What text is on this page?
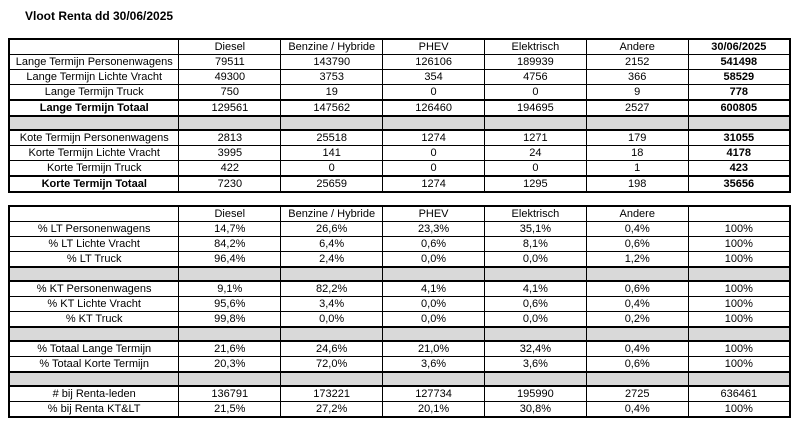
Vloot Renta dd 30/06/2025
	Diesel	Benzine / Hybride	PHEV	Elektrisch	Andere	30/06/2025
Lange Termijn Personenwagens	79511	143790	126106	189939	2152	541498
Lange Termijn Lichte Vracht	49300	3753	354	4756	366	58529
Lange Termijn Truck	750	19	0	0	9	778
Lange Termijn Totaal	129561	147562	126460	194695	2527	600805

Kote Termijn Personenwagens	2813	25518	1274	1271	179	31055
Korte Termijn Lichte Vracht	3995	141	0	24	18	4178
Korte Termijn Truck	422	0	0	0	1	423
Korte Termijn Totaal	7230	25659	1274	1295	198	35656
	Diesel	Benzine / Hybride	PHEV	Elektrisch	Andere	
% LT Personenwagens	14,7%	26,6%	23,3%	35,1%	0,4%	100%
% LT Lichte Vracht	84,2%	6,4%	0,6%	8,1%	0,6%	100%
% LT Truck	96,4%	2,4%	0,0%	0,0%	1,2%	100%

% KT Personenwagens	9,1%	82,2%	4,1%	4,1%	0,6%	100%
% KT Lichte Vracht	95,6%	3,4%	0,0%	0,6%	0,4%	100%
% KT Truck	99,8%	0,0%	0,0%	0,0%	0,2%	100%

% Totaal Lange Termijn	21,6%	24,6%	21,0%	32,4%	0,4%	100%
% Totaal Korte Termijn	20,3%	72,0%	3,6%	3,6%	0,6%	100%

# bij Renta-leden	136791	173221	127734	195990	2725	636461
% bij Renta KT&LT	21,5%	27,2%	20,1%	30,8%	0,4%	100%
